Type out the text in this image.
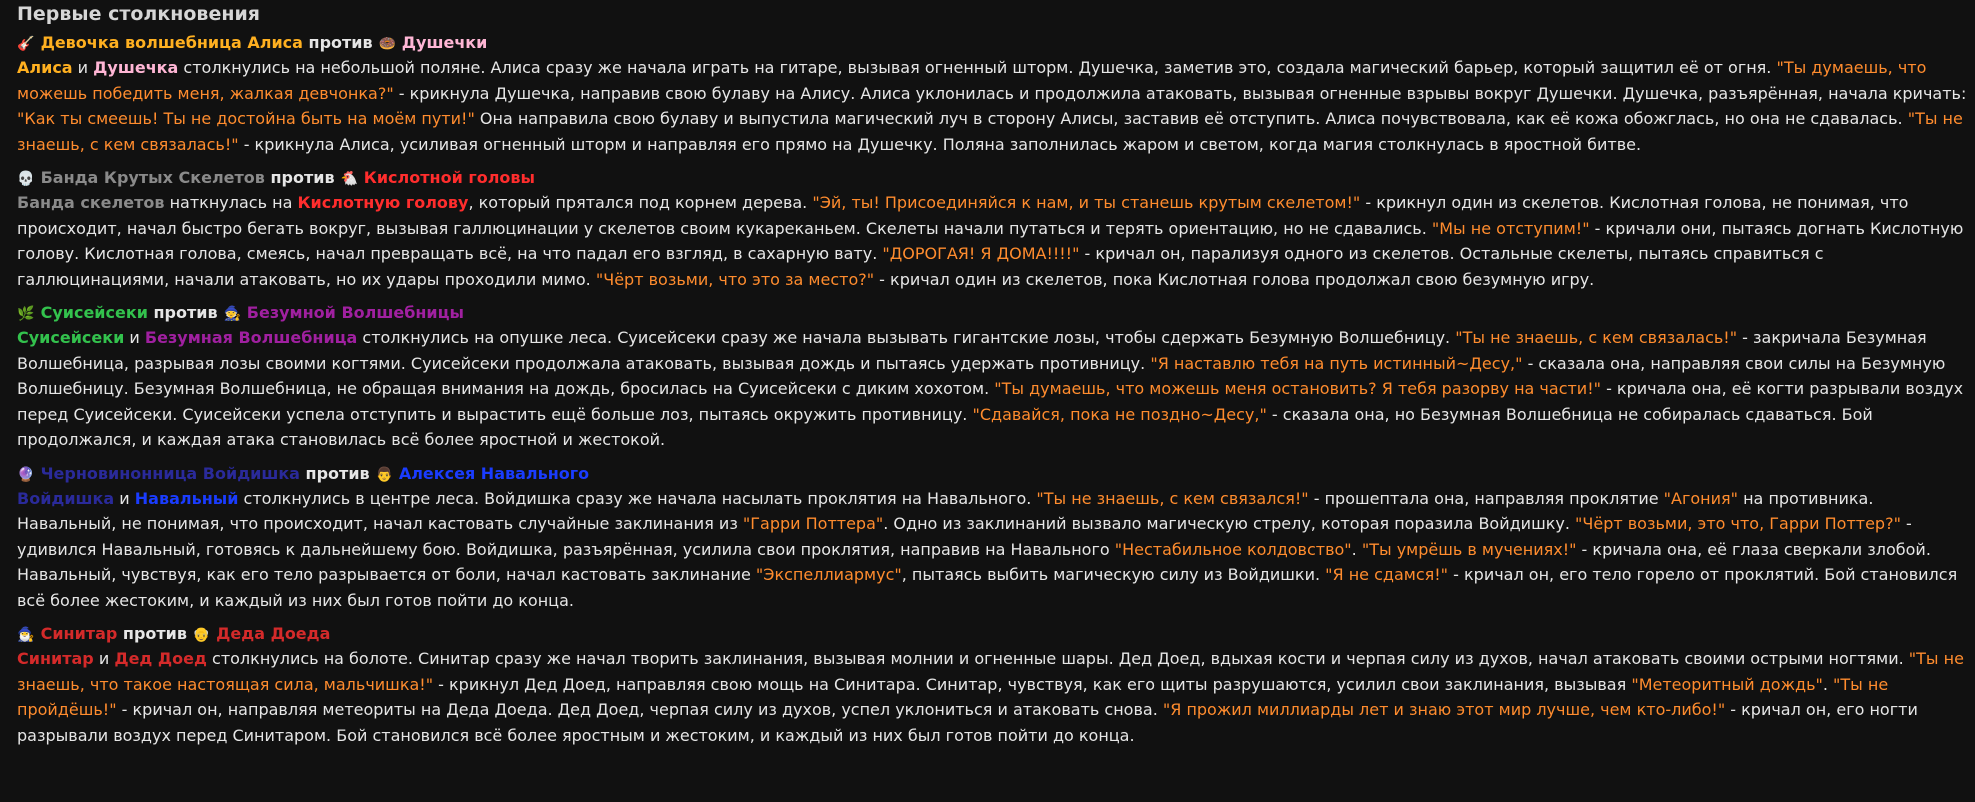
Первые столкновения
🎸 Девочка волшебница Алиса против 🍩 Душечки

Алиса и Душечка столкнулись на небольшой поляне. Алиса сразу же начала играть на гитаре, вызывая огненный шторм. Душечка, заметив это, создала магический барьер, который защитил её от огня. "Ты думаешь, что можешь победить меня, жалкая девчонка?" - крикнула Душечка, направив свою булаву на Алису. Алиса уклонилась и продолжила атаковать, вызывая огненные взрывы вокруг Душечки. Душечка, разъярённая, начала кричать: "Как ты смеешь! Ты не достойна быть на моём пути!" Она направила свою булаву и выпустила магический луч в сторону Алисы, заставив её отступить. Алиса почувствовала, как её кожа обожглась, но она не сдавалась. "Ты не знаешь, с кем связалась!" - крикнула Алиса, усиливая огненный шторм и направляя его прямо на Душечку. Поляна заполнилась жаром и светом, когда магия столкнулась в яростной битве.

💀 Банда Крутых Скелетов против 🐔 Кислотной головы

Банда скелетов наткнулась на Кислотную голову, который прятался под корнем дерева. "Эй, ты! Присоединяйся к нам, и ты станешь крутым скелетом!" - крикнул один из скелетов. Кислотная голова, не понимая, что происходит, начал быстро бегать вокруг, вызывая галлюцинации у скелетов своим кукареканьем. Скелеты начали путаться и терять ориентацию, но не сдавались. "Мы не отступим!" - кричали они, пытаясь догнать Кислотную голову. Кислотная голова, смеясь, начал превращать всё, на что падал его взгляд, в сахарную вату. "ДОРОГАЯ! Я ДОМА!!!!" - кричал он, парализуя одного из скелетов. Остальные скелеты, пытаясь справиться с галлюцинациями, начали атаковать, но их удары проходили мимо. "Чёрт возьми, что это за место?" - кричал один из скелетов, пока Кислотная голова продолжал свою безумную игру.

🌿 Суисейсеки против 🧙 Безумной Волшебницы

Суисейсеки и Безумная Волшебница столкнулись на опушке леса. Суисейсеки сразу же начала вызывать гигантские лозы, чтобы сдержать Безумную Волшебницу. "Ты не знаешь, с кем связалась!" - закричала Безумная Волшебница, разрывая лозы своими когтями. Суисейсеки продолжала атаковать, вызывая дождь и пытаясь удержать противницу. "Я наставлю тебя на путь истинный~Десу," - сказала она, направляя свои силы на Безумную Волшебницу. Безумная Волшебница, не обращая внимания на дождь, бросилась на Суисейсеки с диким хохотом. "Ты думаешь, что можешь меня остановить? Я тебя разорву на части!" - кричала она, её когти разрывали воздух перед Суисейсеки. Суисейсеки успела отступить и вырастить ещё больше лоз, пытаясь окружить противницу. "Сдавайся, пока не поздно~Десу," - сказала она, но Безумная Волшебница не собиралась сдаваться. Бой продолжался, и каждая атака становилась всё более яростной и жестокой.

🔮 Черновинонница Войдишка против 👨 Алексея Навального

Войдишка и Навальный столкнулись в центре леса. Войдишка сразу же начала насылать проклятия на Навального. "Ты не знаешь, с кем связался!" - прошептала она, направляя проклятие "Агония" на противника. Навальный, не понимая, что происходит, начал кастовать случайные заклинания из "Гарри Поттера". Одно из заклинаний вызвало магическую стрелу, которая поразила Войдишку. "Чёрт возьми, это что, Гарри Поттер?" - удивился Навальный, готовясь к дальнейшему бою. Войдишка, разъярённая, усилила свои проклятия, направив на Навального "Нестабильное колдовство". "Ты умрёшь в мучениях!" - кричала она, её глаза сверкали злобой. Навальный, чувствуя, как его тело разрывается от боли, начал кастовать заклинание "Экспеллиармус", пытаясь выбить магическую силу из Войдишки. "Я не сдамся!" - кричал он, его тело горело от проклятий. Бой становился всё более жестоким, и каждый из них был готов пойти до конца.

🧙‍♂️ Синитар против 👴 Деда Доеда

Синитар и Дед Доед столкнулись на болоте. Синитар сразу же начал творить заклинания, вызывая молнии и огненные шары. Дед Доед, вдыхая кости и черпая силу из духов, начал атаковать своими острыми ногтями. "Ты не знаешь, что такое настоящая сила, мальчишка!" - крикнул Дед Доед, направляя свою мощь на Синитара. Синитар, чувствуя, как его щиты разрушаются, усилил свои заклинания, вызывая "Метеоритный дождь". "Ты не пройдёшь!" - кричал он, направляя метеориты на Деда Доеда. Дед Доед, черпая силу из духов, успел уклониться и атаковать снова. "Я прожил миллиарды лет и знаю этот мир лучше, чем кто-либо!" - кричал он, его ногти разрывали воздух перед Синитаром. Бой становился всё более яростным и жестоким, и каждый из них был готов пойти до конца.
